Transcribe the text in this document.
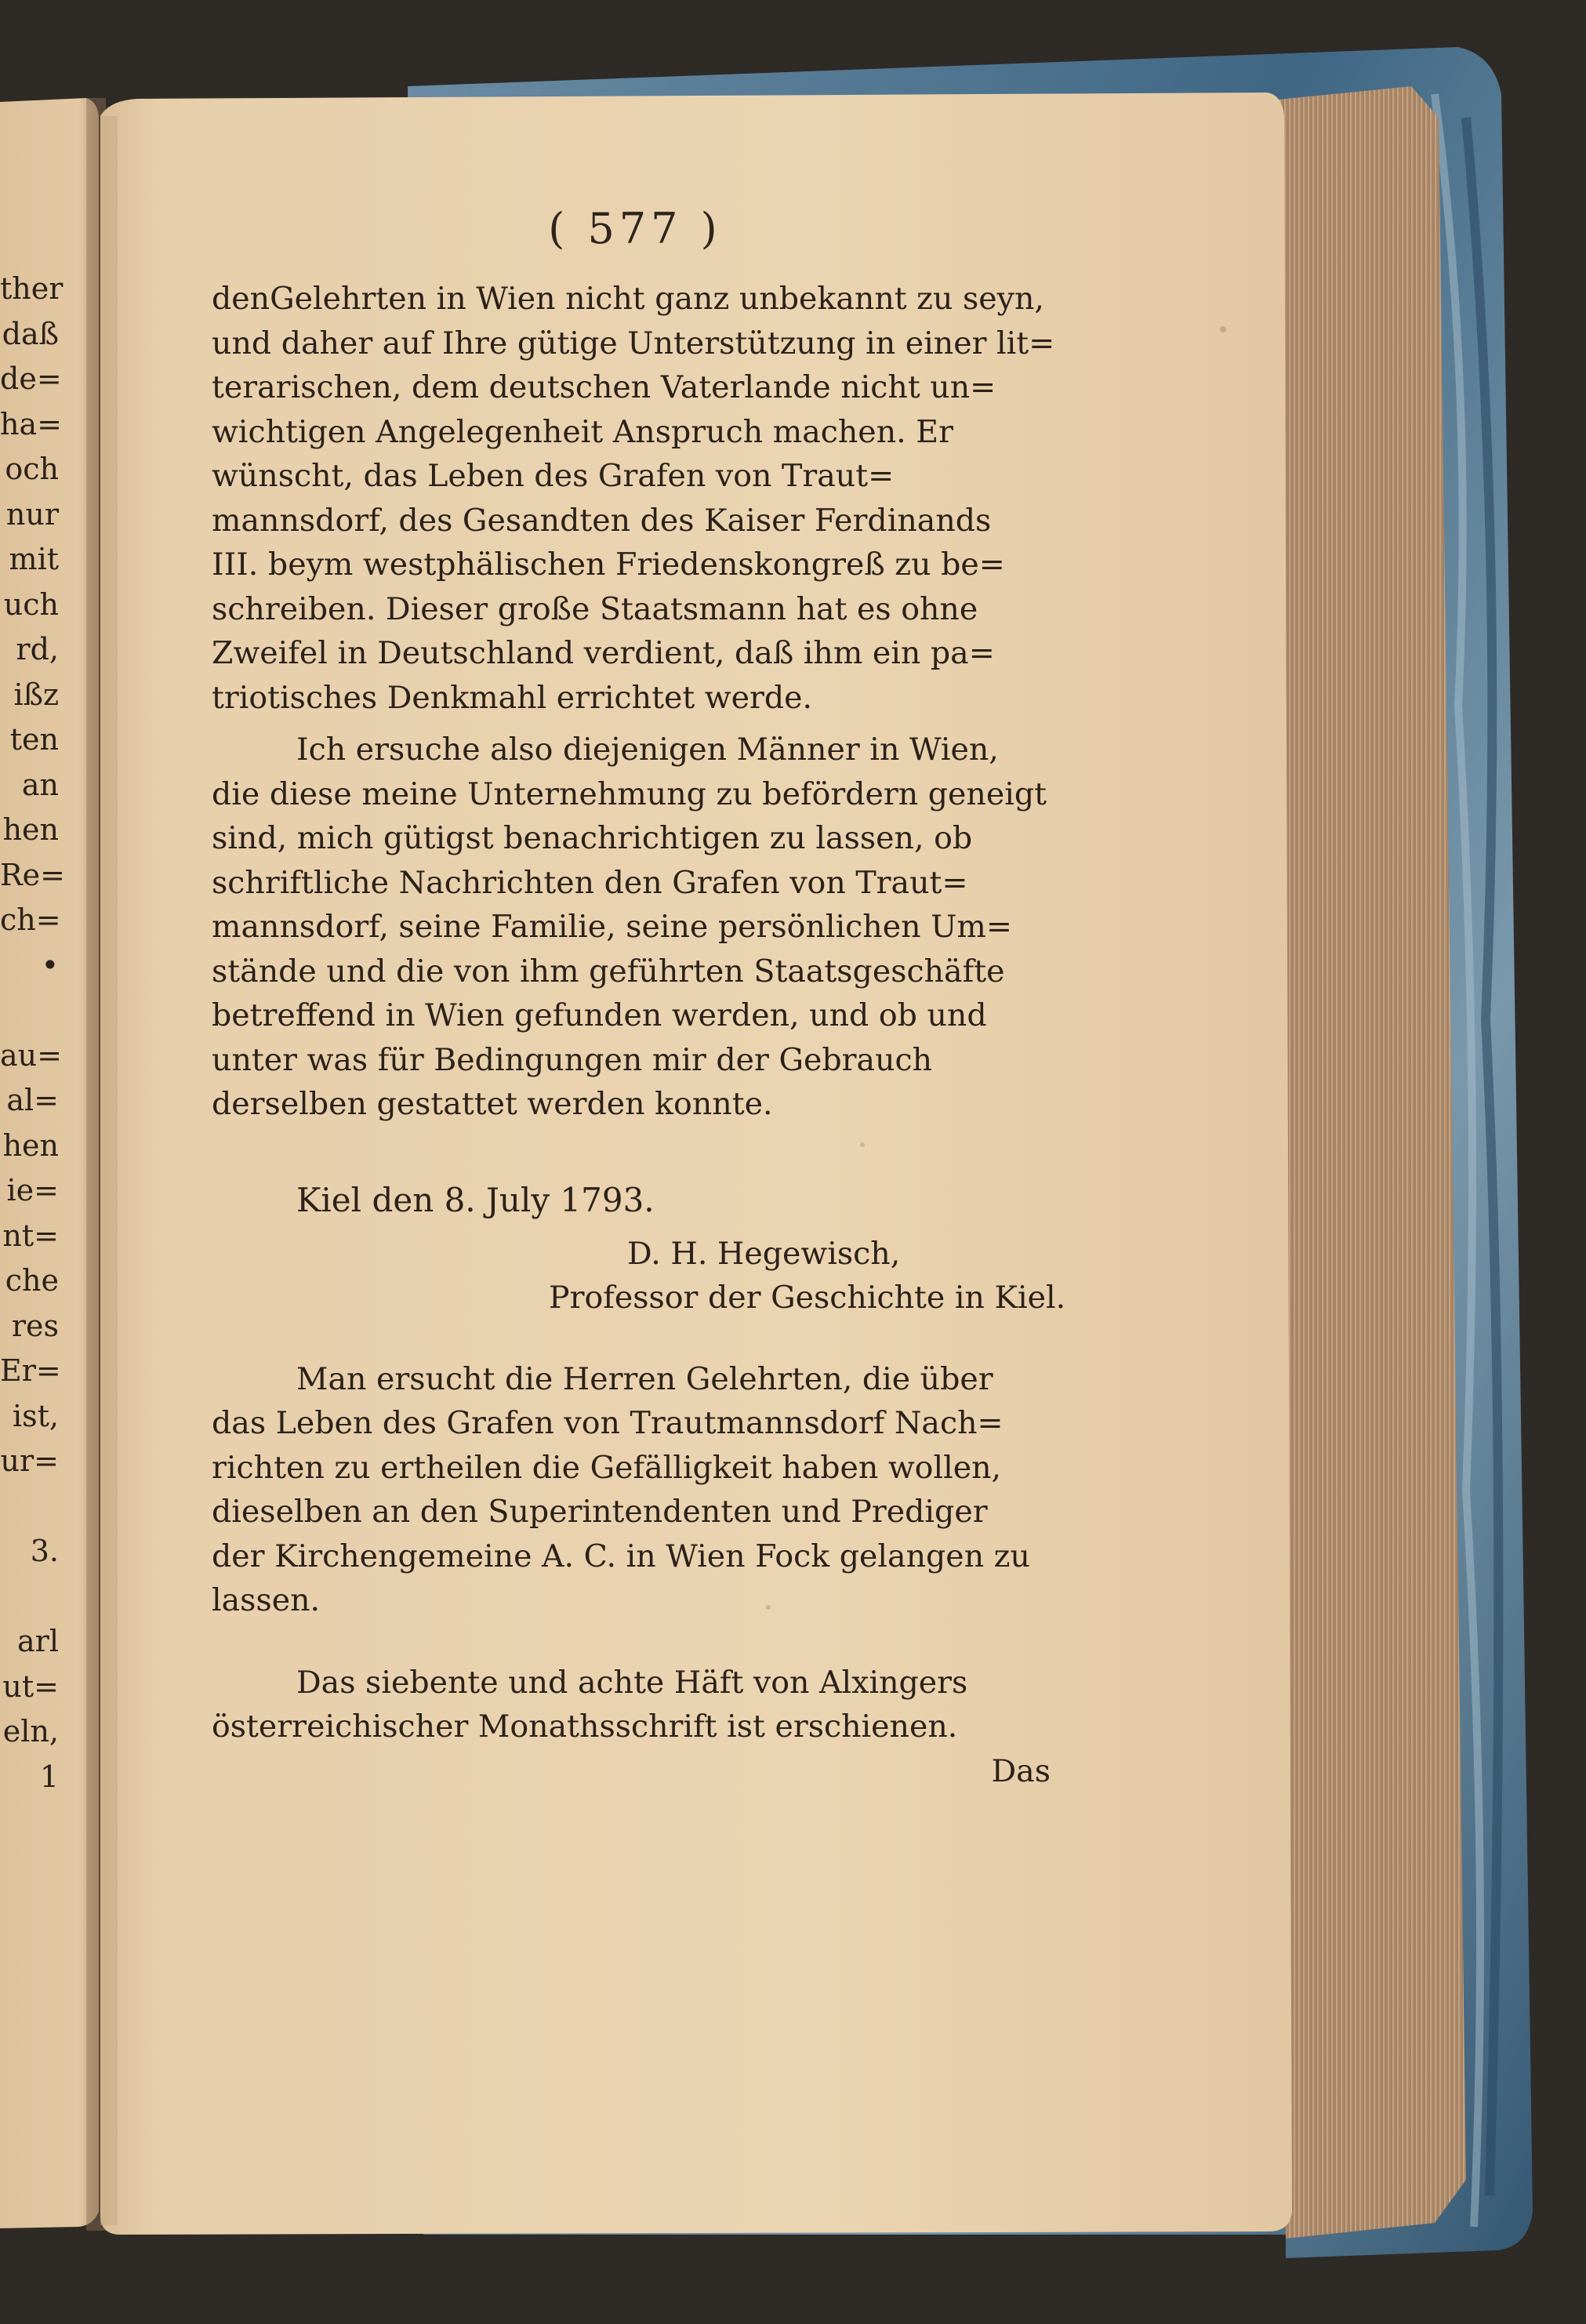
ther
daß
de=
ha=
och
nur
mit
uch
rd,
ißz
ten
an
hen
Re=
ch=
•

au=
al=
hen
ie=
nt=
che
res
Er=
ist,
ur=

3.

arl
ut=
eln,
1
( 577 )
denGelehrten in Wien nicht ganz unbekannt zu seyn,
und daher auf Ihre gütige Unterstützung in einer lit=
terarischen, dem deutschen Vaterlande nicht un=
wichtigen Angelegenheit Anspruch machen. Er
wünscht, das Leben des Grafen von Traut=
mannsdorf, des Gesandten des Kaiser Ferdinands
III. beym westphälischen Friedenskongreß zu be=
schreiben. Dieser große Staatsmann hat es ohne
Zweifel in Deutschland verdient, daß ihm ein pa=
triotisches Denkmahl errichtet werde.
Ich ersuche also diejenigen Männer in Wien,
die diese meine Unternehmung zu befördern geneigt
sind, mich gütigst benachrichtigen zu lassen, ob
schriftliche Nachrichten den Grafen von Traut=
mannsdorf, seine Familie, seine persönlichen Um=
stände und die von ihm geführten Staatsgeschäfte
betreffend in Wien gefunden werden, und ob und
unter was für Bedingungen mir der Gebrauch
derselben gestattet werden konnte.
Kiel den 8. July 1793.
D. H. Hegewisch,
Professor der Geschichte in Kiel.
Man ersucht die Herren Gelehrten, die über
das Leben des Grafen von Trautmannsdorf Nach=
richten zu ertheilen die Gefälligkeit haben wollen,
dieselben an den Superintendenten und Prediger
der Kirchengemeine A. C. in Wien Fock gelangen zu
lassen.
Das siebente und achte Häft von Alxingers
österreichischer Monathsschrift ist erschienen.
Das
